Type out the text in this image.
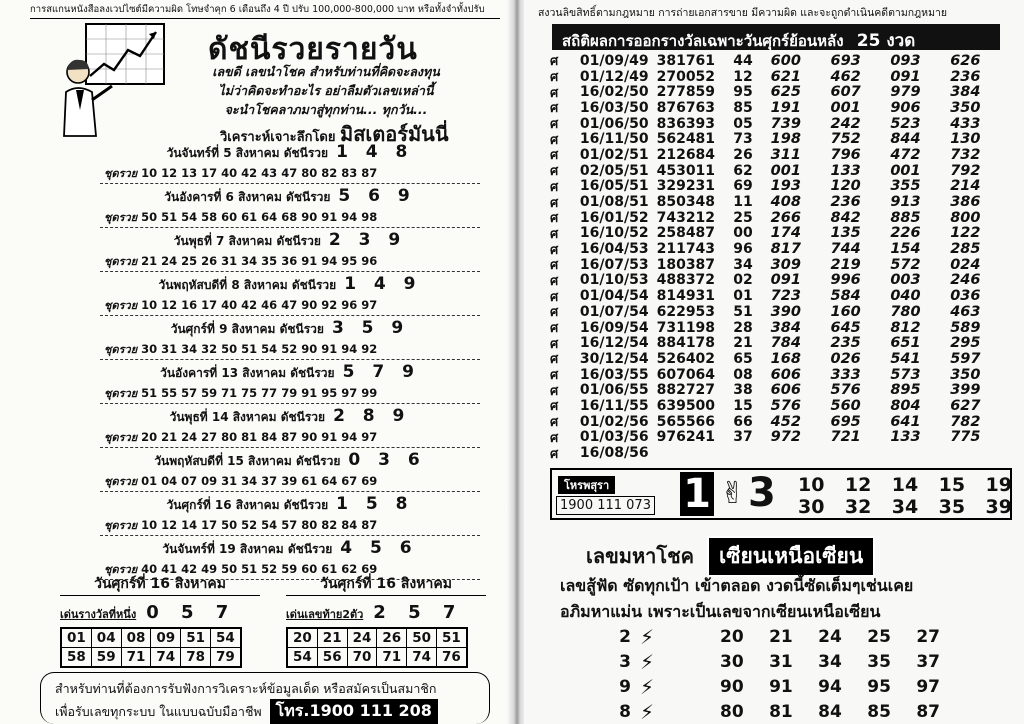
การสแกนหนังสือลงเวปไซต์มีความผิด โทษจำคุก 6 เดือนถึง 4 ปี ปรับ 100,000-800,000 บาท หรือทั้งจำทั้งปรับ
ดัชนีรวยรายวัน
เลขดี เลขนำโชค สำหรับท่านที่คิดจะลงทุน
ไม่ว่าคิดจะทำอะไร อย่าลืมตัวเลขเหล่านี้
จะนำโชคลาภมาสู่ทุกท่าน... ทุกวัน...
วิเคราะห์เจาะลึกโดย มิสเตอร์มันนี่
วันจันทร์ที่ 5 สิงหาคม ดัชนีรวย 1 4 8
ชุดรวย 10 12 13 17 40 42 43 47 80 82 83 87
วันอังคารที่ 6 สิงหาคม ดัชนีรวย 5 6 9
ชุดรวย 50 51 54 58 60 61 64 68 90 91 94 98
วันพุธที่ 7 สิงหาคม ดัชนีรวย 2 3 9
ชุดรวย 21 24 25 26 31 34 35 36 91 94 95 96
วันพฤหัสบดีที่ 8 สิงหาคม ดัชนีรวย 1 4 9
ชุดรวย 10 12 16 17 40 42 46 47 90 92 96 97
วันศุกร์ที่ 9 สิงหาคม ดัชนีรวย 3 5 9
ชุดรวย 30 31 34 32 50 51 54 52 90 91 94 92
วันอังคารที่ 13 สิงหาคม ดัชนีรวย 5 7 9
ชุดรวย 51 55 57 59 71 75 77 79 91 95 97 99
วันพุธที่ 14 สิงหาคม ดัชนีรวย 2 8 9
ชุดรวย 20 21 24 27 80 81 84 87 90 91 94 97
วันพฤหัสบดีที่ 15 สิงหาคม ดัชนีรวย 0 3 6
ชุดรวย 01 04 07 09 31 34 37 39 61 64 67 69
วันศุกร์ที่ 16 สิงหาคม ดัชนีรวย 1 5 8
ชุดรวย 10 12 14 17 50 52 54 57 80 82 84 87
วันจันทร์ที่ 19 สิงหาคม ดัชนีรวย 4 5 6
ชุดรวย 40 41 42 49 50 51 52 59 60 61 62 69
วันศุกร์ที่ 16 สิงหาคม
เด่นรางวัลที่หนึ่ง 0 5 7
01	04	08	09	51	54
58	59	71	74	78	79
วันศุกร์ที่ 16 สิงหาคม
เด่นเลขท้าย2ตัว 2 5 7
20	21	24	26	50	51
54	56	70	71	74	76
สำหรับท่านที่ต้องการรับฟังการวิเคราะห์ข้อมูลเด็ด หรือสมัครเป็นสมาชิก
เพื่อรับเลขทุกระบบ ในแบบฉบับมือาชีพ โทร.1900 111 208
สงวนลิขสิทธิ์ตามกฎหมาย การถ่ายเอกสารขาย มีความผิด และจะถูกดำเนินคดีตามกฎหมาย
สถิติผลการออกรางวัลเฉพาะวันศุกร์ย้อนหลัง 25 งวด
ศ	01/09/49 381761	44	600	693	093	626
ศ	01/12/49 270052	12	621	462	091	236
ศ	16/02/50 277859	95	625	607	979	384
ศ	16/03/50 876763	85	191	001	906	350
ศ	01/06/50 836393	05	739	242	523	433
ศ	16/11/50 562481	73	198	752	844	130
ศ	01/02/51 212684	26	311	796	472	732
ศ	02/05/51 453011	62	001	133	001	792
ศ	16/05/51 329231	69	193	120	355	214
ศ	01/08/51 850348	11	408	236	913	386
ศ	16/01/52 743212	25	266	842	885	800
ศ	16/10/52 258487	00	174	135	226	122
ศ	16/04/53 211743	96	817	744	154	285
ศ	16/07/53 180387	34	309	219	572	024
ศ	01/10/53 488372	02	091	996	003	246
ศ	01/04/54 814931	01	723	584	040	036
ศ	01/07/54 622953	51	390	160	780	463
ศ	16/09/54 731198	28	384	645	812	589
ศ	16/12/54 884178	21	784	235	651	295
ศ	30/12/54 526402	65	168	026	541	597
ศ	16/03/55 607064	08	606	333	573	350
ศ	01/06/55 882727	38	606	576	895	399
ศ	16/11/55 639500	15	576	560	804	627
ศ	01/02/56 565566	66	452	695	641	782
ศ	01/03/56 976241	37	972	721	133	775
ศ	16/08/56
โหรพสุรา
1900 111 073 1 ✌ 3 10 12 14 15 19
30 32 34 35 39
เลขมหาโชค เซียนเหนือเซียน
เลขสู้ฟัด ซัดทุกเป้า เข้าตลอด งวดนี้ซัดเต็มๆเช่นเคย
อภิมหาแม่น เพราะเป็นเลขจากเซียนเหนือเซียน
2 ⚡	20 21 24 25 27
3 ⚡	30 31 34 35 37
9 ⚡	90 91 94 95 97
8 ⚡	80 81 84 85 87
